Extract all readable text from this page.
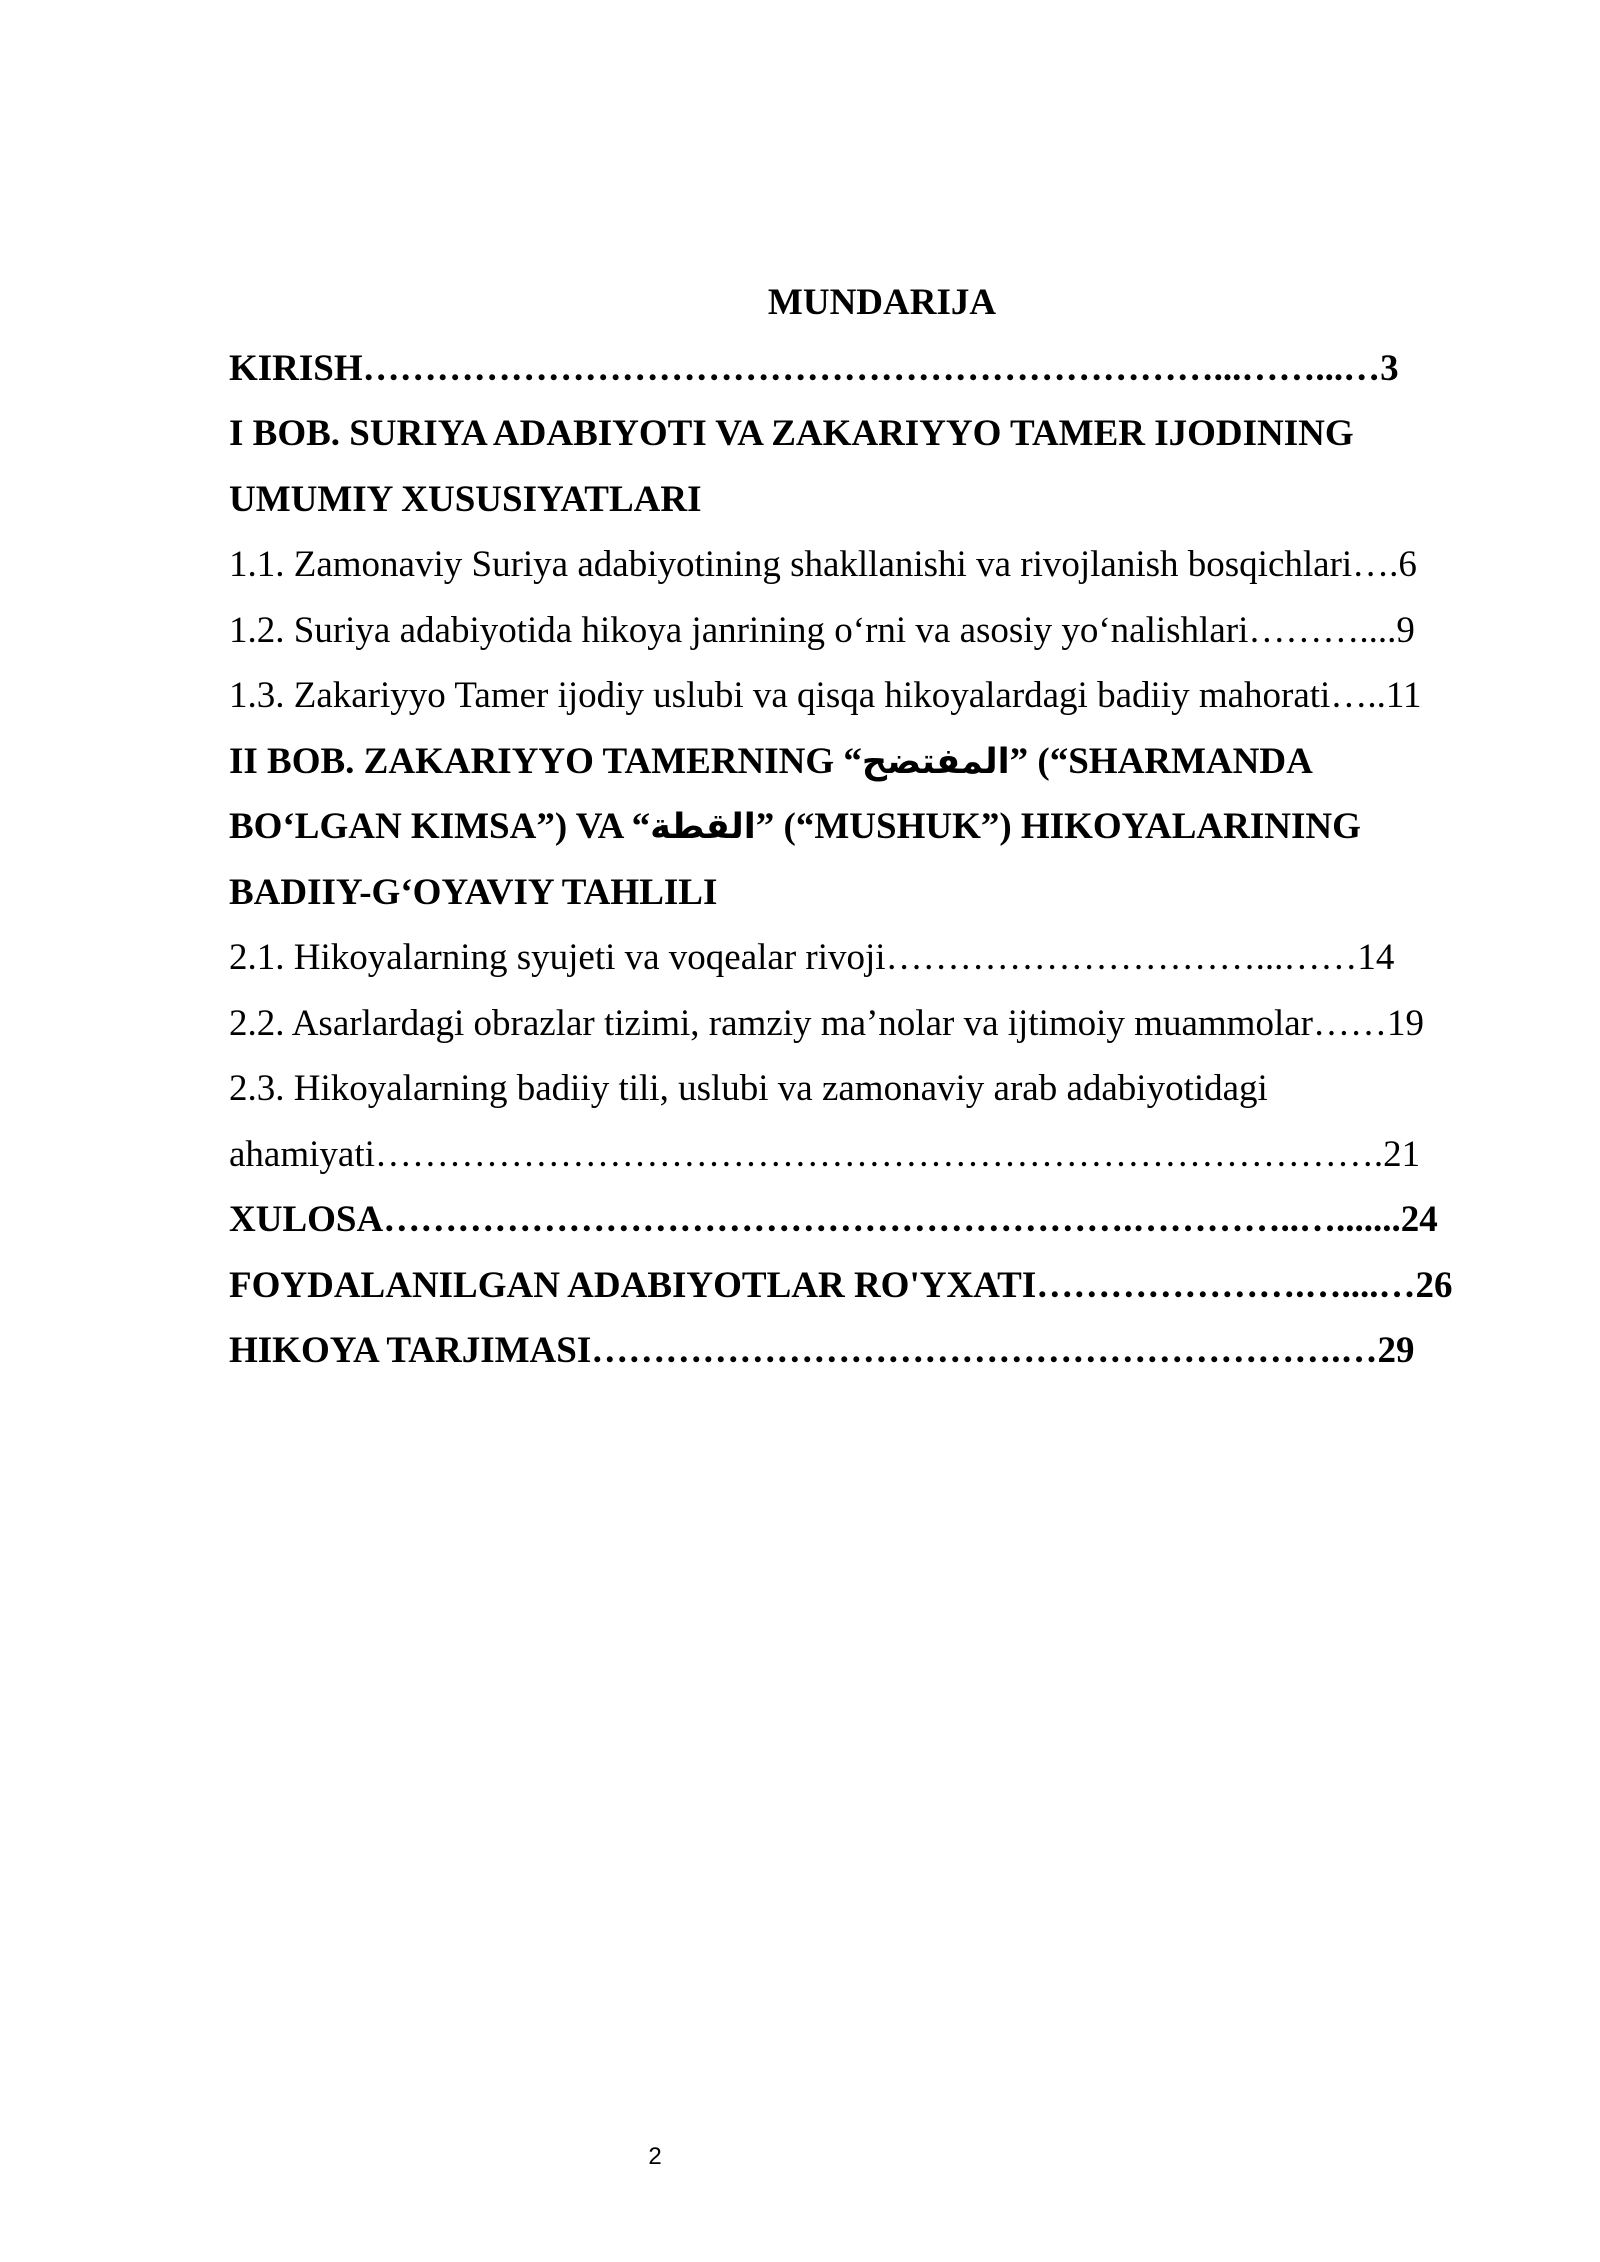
MUNDARIJA
KIRISH……………………………………………………………...……...…3
I BOB. SURIYA ADABIYOTI VA ZAKARIYYO TAMER IJODINING
UMUMIY XUSUSIYATLARI
1.1. Zamonaviy Suriya adabiyotining shakllanishi va rivojlanish bosqichlari….6
1.2. Suriya adabiyotida hikoya janrining oʻrni va asosiy yoʻnalishlari………....9
1.3. Zakariyyo Tamer ijodiy uslubi va qisqa hikoyalardagi badiiy mahorati…..11
II BOB. ZAKARIYYO TAMERNING “المفتضح” (“SHARMANDA
BOʻLGAN KIMSA”) VA “القطة” (“MUSHUK”) HIKOYALARINING
BADIIY-GʻOYAVIY TAHLILI
2.1. Hikoyalarning syujeti va voqealar rivoji…………………………...……14
2.2. Asarlardagi obrazlar tizimi, ramziy ma’nolar va ijtimoiy muammolar……19
2.3. Hikoyalarning badiiy tili, uslubi va zamonaviy arab adabiyotidagi
ahamiyati……………………………………………………………………….21
XULOSA…………………………………………………….…………..….......24
FOYDALANILGAN ADABIYOTLAR RO'YXATI………………….…....…26
HIKOYA TARJIMASI…………………………………………………….…29
2
